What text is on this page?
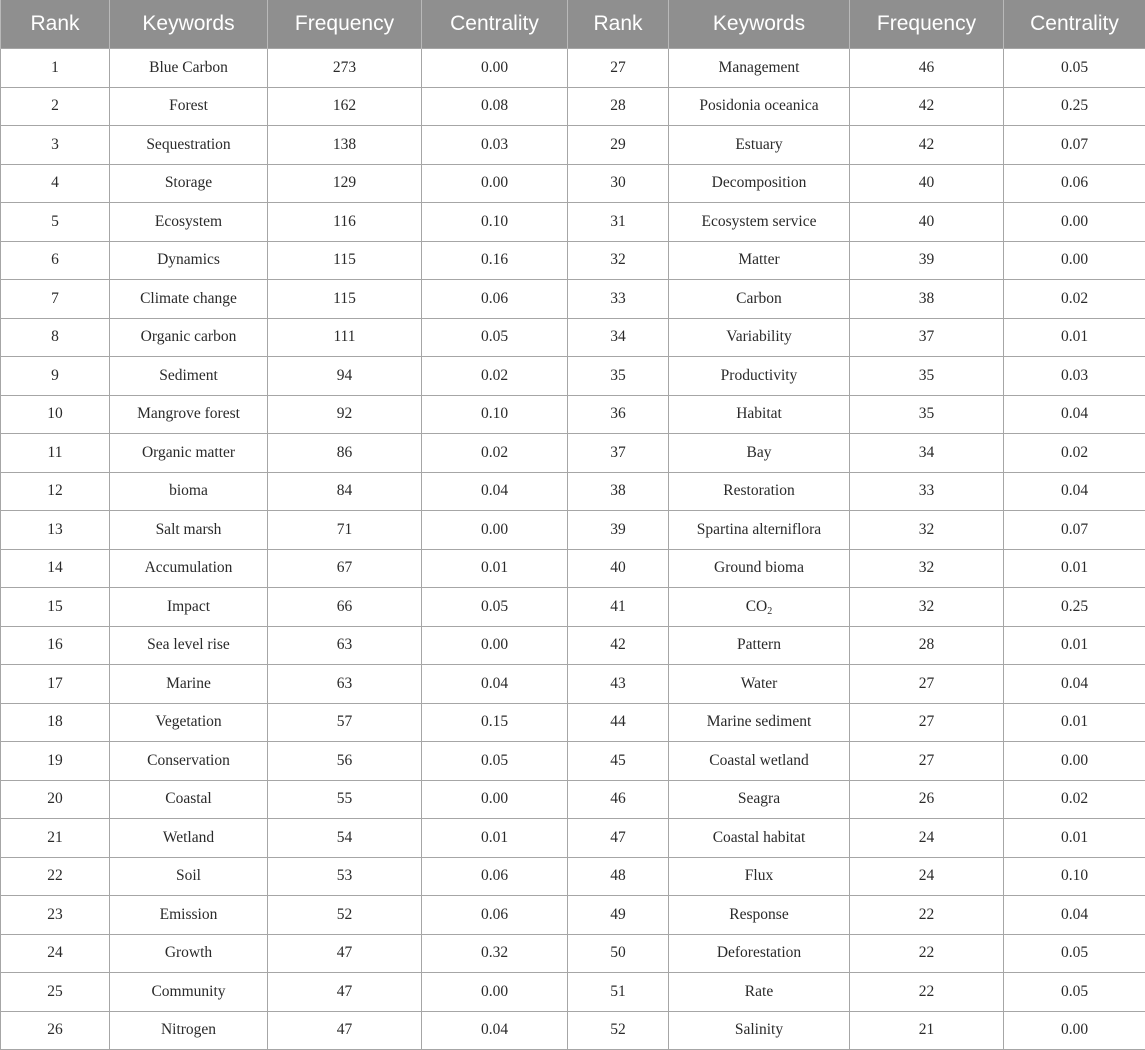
Rank	Keywords	Frequency	Centrality	Rank	Keywords	Frequency	Centrality
1	Blue Carbon	273	0.00	27	Management	46	0.05
2	Forest	162	0.08	28	Posidonia oceanica	42	0.25
3	Sequestration	138	0.03	29	Estuary	42	0.07
4	Storage	129	0.00	30	Decomposition	40	0.06
5	Ecosystem	116	0.10	31	Ecosystem service	40	0.00
6	Dynamics	115	0.16	32	Matter	39	0.00
7	Climate change	115	0.06	33	Carbon	38	0.02
8	Organic carbon	111	0.05	34	Variability	37	0.01
9	Sediment	94	0.02	35	Productivity	35	0.03
10	Mangrove forest	92	0.10	36	Habitat	35	0.04
11	Organic matter	86	0.02	37	Bay	34	0.02
12	bioma	84	0.04	38	Restoration	33	0.04
13	Salt marsh	71	0.00	39	Spartina alterniflora	32	0.07
14	Accumulation	67	0.01	40	Ground bioma	32	0.01
15	Impact	66	0.05	41	$CO_2$	32	0.25
16	Sea level rise	63	0.00	42	Pattern	28	0.01
17	Marine	63	0.04	43	Water	27	0.04
18	Vegetation	57	0.15	44	Marine sediment	27	0.01
19	Conservation	56	0.05	45	Coastal wetland	27	0.00
20	Coastal	55	0.00	46	Seagra	26	0.02
21	Wetland	54	0.01	47	Coastal habitat	24	0.01
22	Soil	53	0.06	48	Flux	24	0.10
23	Emission	52	0.06	49	Response	22	0.04
24	Growth	47	0.32	50	Deforestation	22	0.05
25	Community	47	0.00	51	Rate	22	0.05
26	Nitrogen	47	0.04	52	Salinity	21	0.00
